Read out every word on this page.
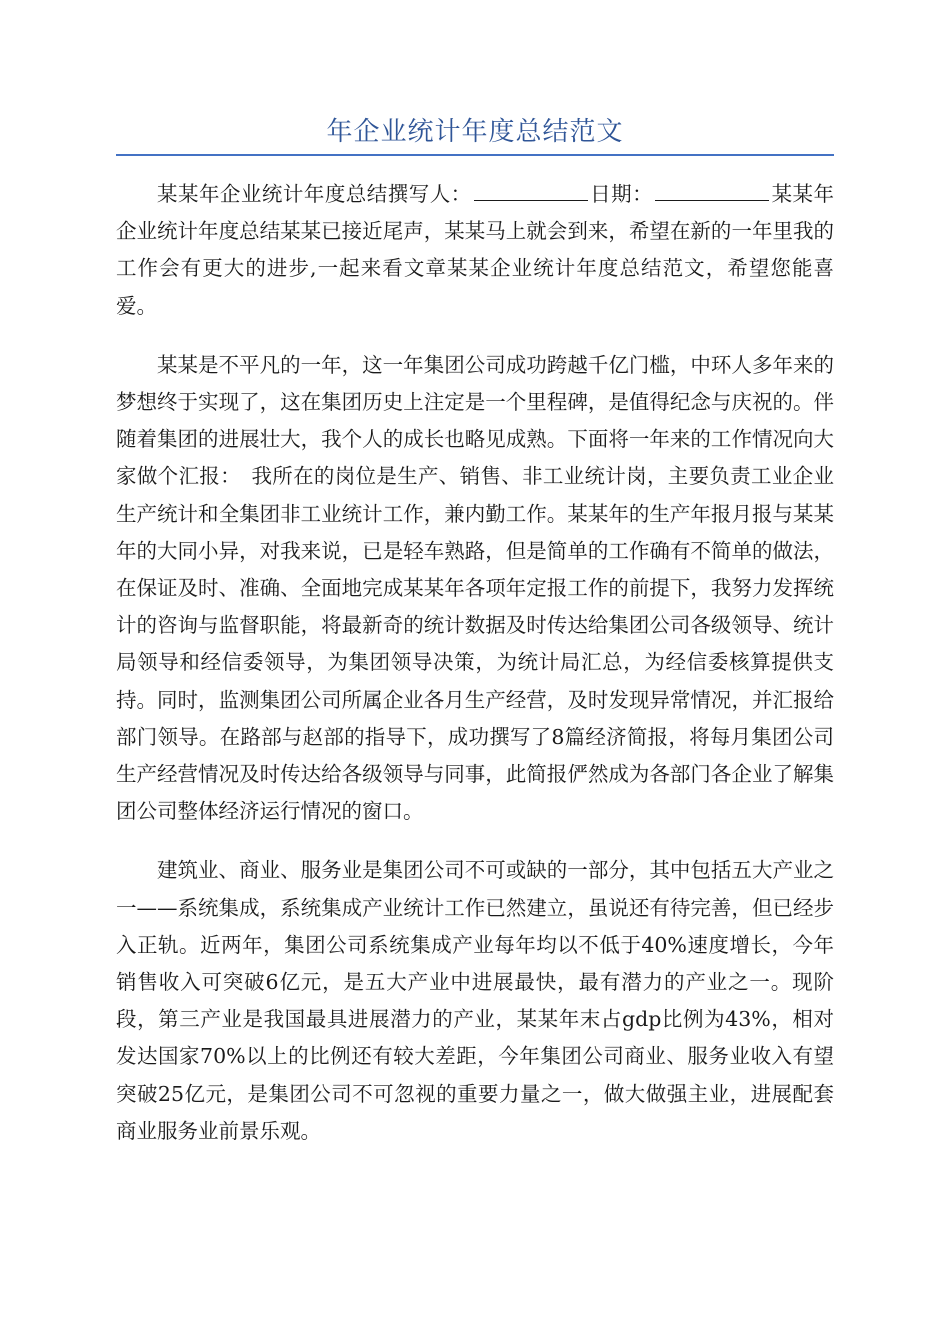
年企业统计年度总结范文

某某年企业统计年度总结撰写人：	日期：	某某年企业统计年度总结某某已接近尾声，某某马上就会到来，希望在新的一年里我的工作会有更大的进步,一起来看文章某某企业统计年度总结范文，希望您能喜爱。

某某是不平凡的一年，这一年集团公司成功跨越千亿门槛，中环人多年来的梦想终于实现了，这在集团历史上注定是一个里程碑，是值得纪念与庆祝的。伴随着集团的进展壮大，我个人的成长也略见成熟。下面将一年来的工作情况向大家做个汇报：　我所在的岗位是生产、销售、非工业统计岗，主要负责工业企业生产统计和全集团非工业统计工作，兼内勤工作。某某年的生产年报月报与某某年的大同小异，对我来说，已是轻车熟路，但是简单的工作确有不简单的做法，在保证及时、准确、全面地完成某某年各项年定报工作的前提下，我努力发挥统计的咨询与监督职能，将最新奇的统计数据及时传达给集团公司各级领导、统计局领导和经信委领导，为集团领导决策，为统计局汇总，为经信委核算提供支持。同时，监测集团公司所属企业各月生产经营，及时发现异常情况，并汇报给部门领导。在路部与赵部的指导下，成功撰写了8篇经济简报，将每月集团公司生产经营情况及时传达给各级领导与同事，此简报俨然成为各部门各企业了解集团公司整体经济运行情况的窗口。

建筑业、商业、服务业是集团公司不可或缺的一部分，其中包括五大产业之一——系统集成，系统集成产业统计工作已然建立，虽说还有待完善，但已经步入正轨。近两年，集团公司系统集成产业每年均以不低于40%速度增长，今年销售收入可突破6亿元，是五大产业中进展最快，最有潜力的产业之一。现阶段，第三产业是我国最具进展潜力的产业，某某年末占gdp比例为43%，相对发达国家70%以上的比例还有较大差距，今年集团公司商业、服务业收入有望突破25亿元，是集团公司不可忽视的重要力量之一，做大做强主业，进展配套商业服务业前景乐观。
